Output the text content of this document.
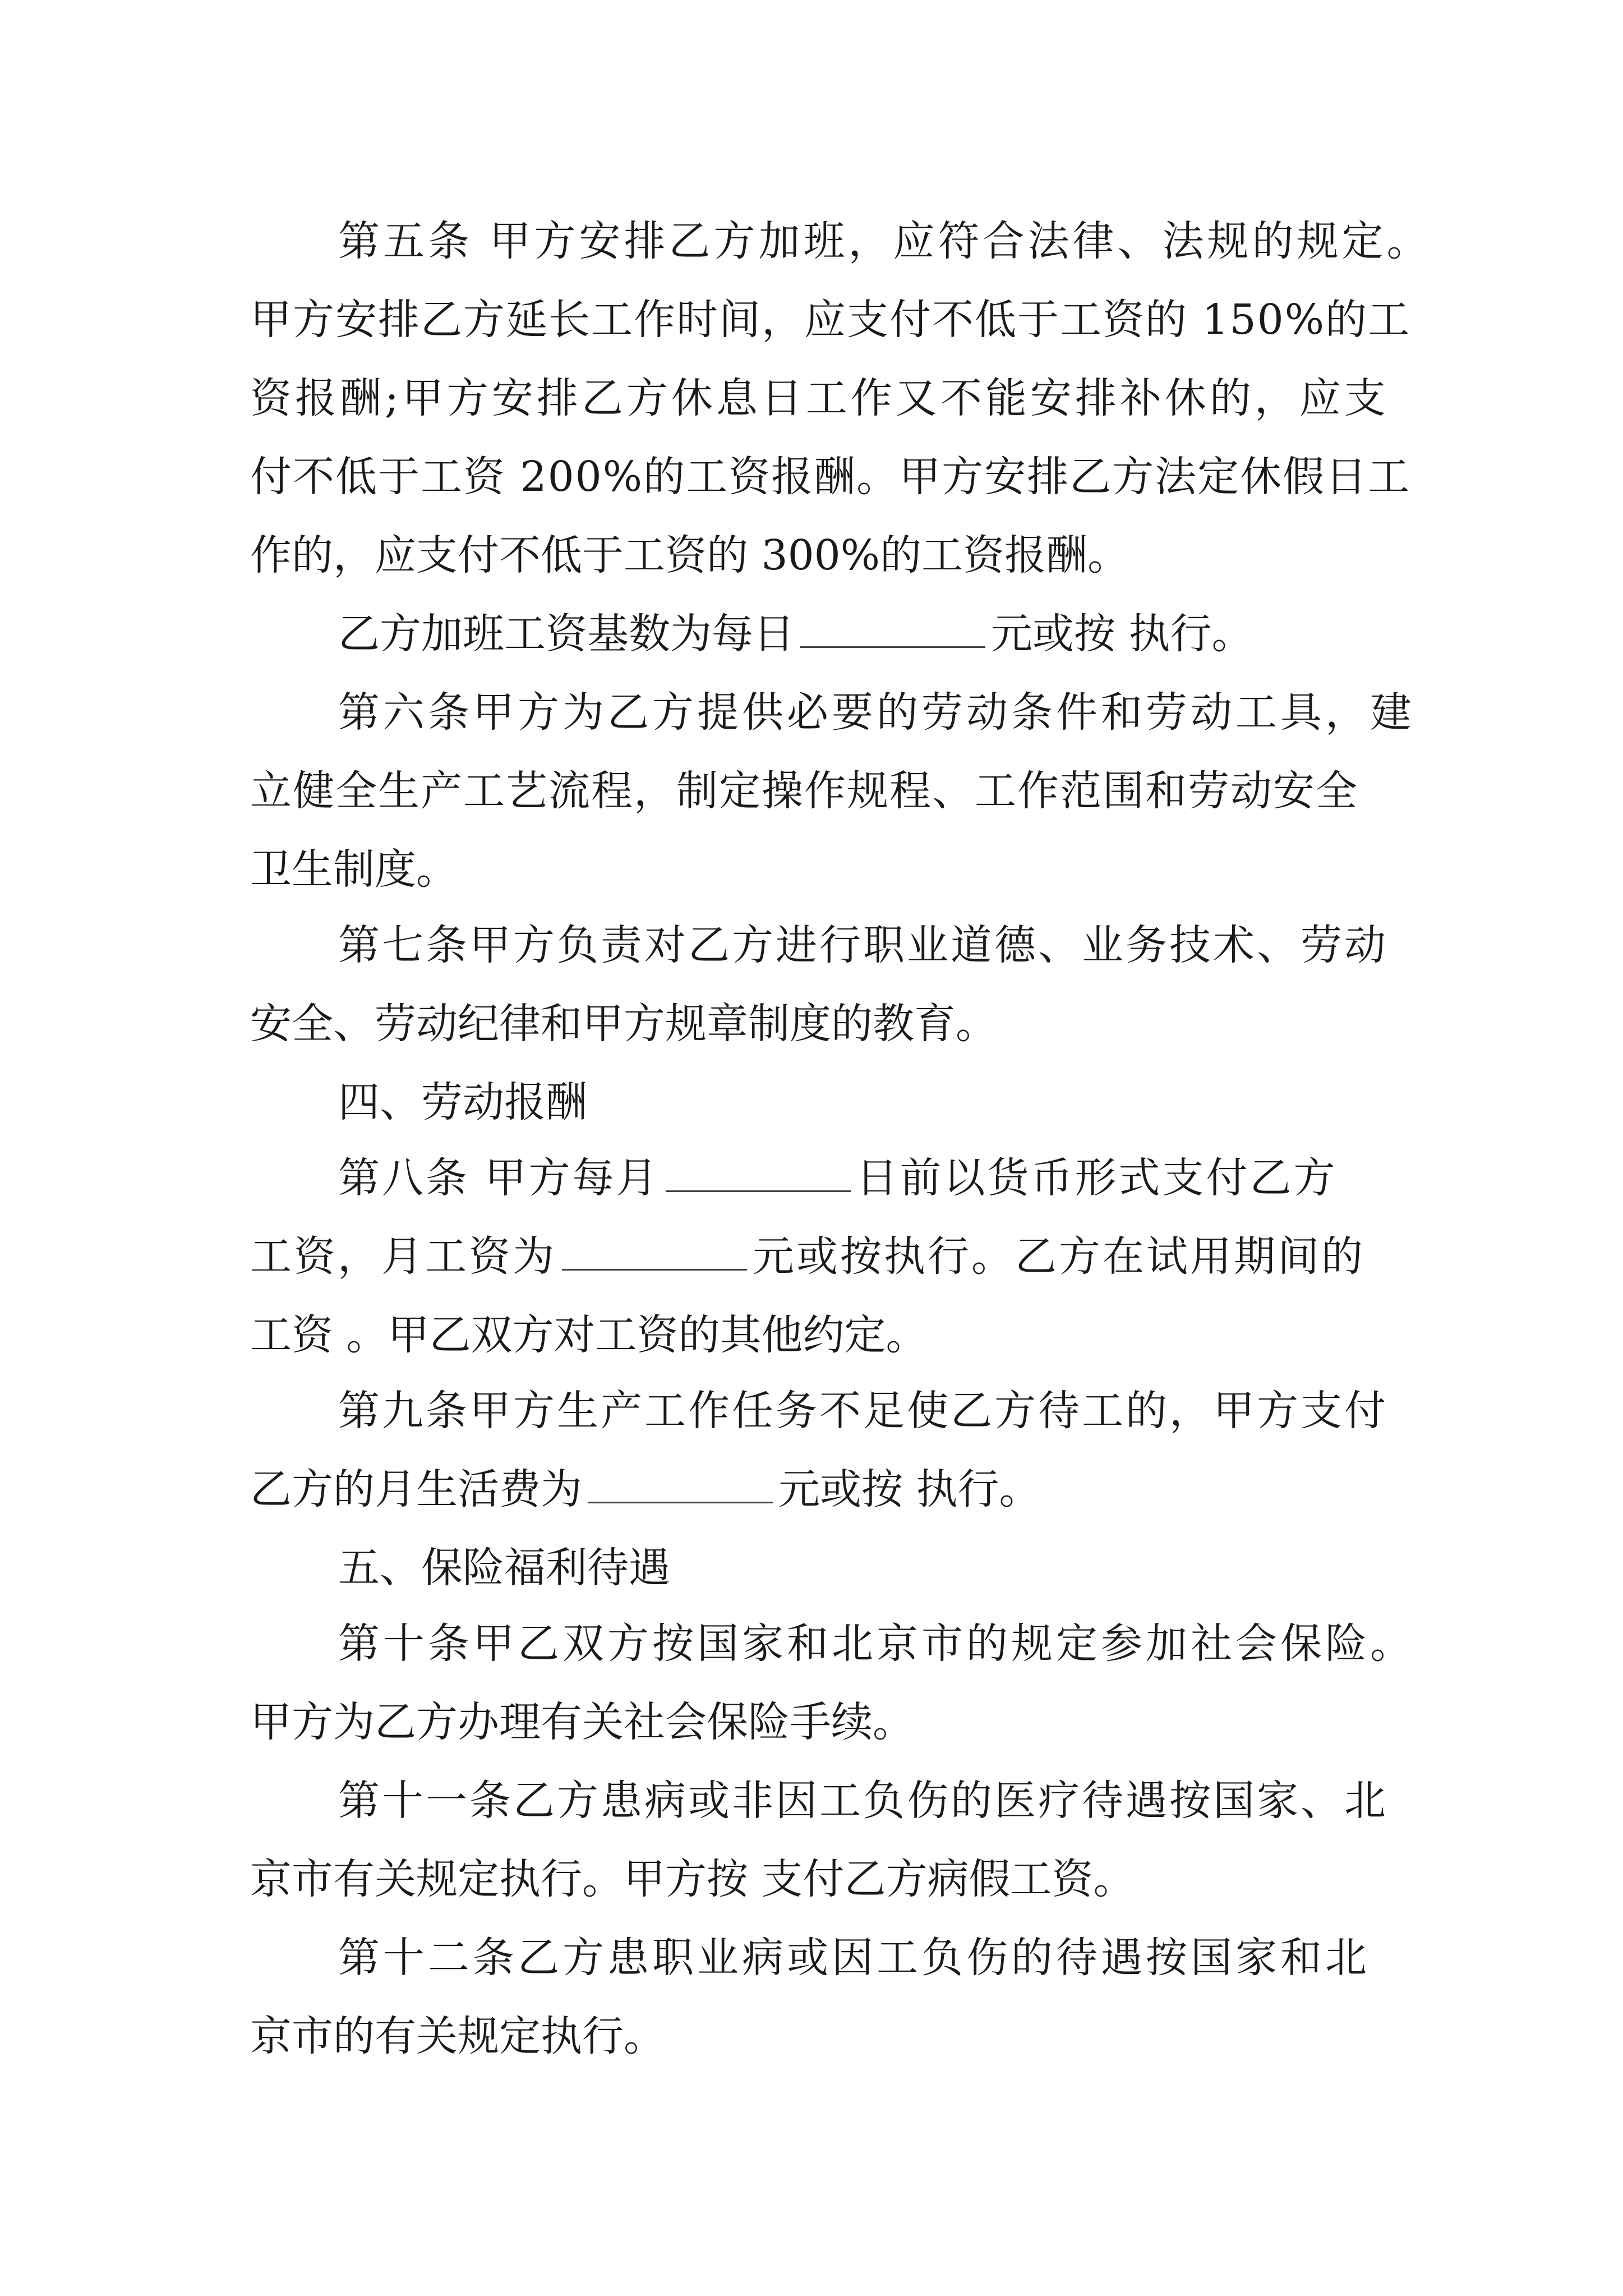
第五条 甲方安排乙方加班，应符合法律、法规的规定。
甲方安排乙方延长工作时间，应支付不低于工资的 150%的工
资报酬;甲方安排乙方休息日工作又不能安排补休的，应支
付不低于工资 200%的工资报酬。甲方安排乙方法定休假日工
作的，应支付不低于工资的 300%的工资报酬。
乙方加班工资基数为每日	元或按 执行。
第六条甲方为乙方提供必要的劳动条件和劳动工具，建
立健全生产工艺流程，制定操作规程、工作范围和劳动安全
卫生制度。
第七条甲方负责对乙方进行职业道德、业务技术、劳动
安全、劳动纪律和甲方规章制度的教育。
四、劳动报酬
第八条 甲方每月	日前以货币形式支付乙方
工资，月工资为	元或按执行。乙方在试用期间的
工资 。甲乙双方对工资的其他约定。
第九条甲方生产工作任务不足使乙方待工的，甲方支付
乙方的月生活费为	元或按 执行。
五、保险福利待遇
第十条甲乙双方按国家和北京市的规定参加社会保险。
甲方为乙方办理有关社会保险手续。
第十一条乙方患病或非因工负伤的医疗待遇按国家、北
京市有关规定执行。甲方按 支付乙方病假工资。
第十二条乙方患职业病或因工负伤的待遇按国家和北
京市的有关规定执行。
